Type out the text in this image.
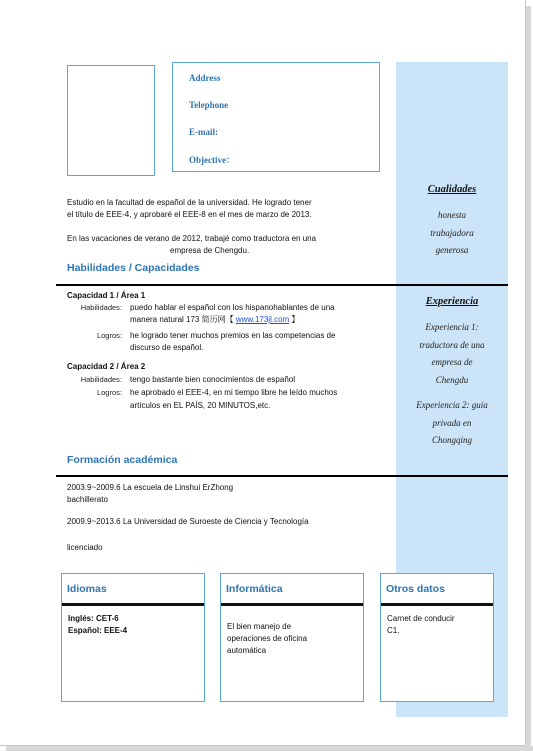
Address
Telephone
E-mail:
Objective：
Estudio en la facultad de español de la universidad. He logrado tener
el título de EEE-4, y aprobaré el EEE-8 en el mes de marzo de 2013.
En las vacaciones de verano de 2012, trabajé como traductora en una
empresa de Chengdu.
Habilidades / Capacidades
Capacidad 1 / Área 1
Habilidades: puedo hablar el español con los hispanohablantes de una
manera natural 173 简历网【 www.173jl.com 】
Logros: he logrado tener muchos premios en las competencias de
discurso de español.
Capacidad 2 / Área 2
Habilidades: tengo bastante bien conocimientos de español
Logros: he aprobado el EEE-4, en mi tiempo libre he leído muchos
artículos en EL PAÍS, 20 MINUTOS,etc.
Formación académica
2003.9~2009.6 La escuela de Linshui ErZhong
bachillerato
2009.9~2013.6 La Universidad de Suroeste de Ciencia y Tecnología
licenciado
Cualidades
honesta
trabajadora
generosa
Experiencia
Experiencia 1:
traductora de una
empresa de
Chengdu
Experiencia 2: guía
privada en
Chongqing
Idiomas
Inglés: CET-6
Español: EEE-4
Informática
El bien manejo de
operaciones de oficina
automática
Otros datos
Carnet de conducir
C1.
